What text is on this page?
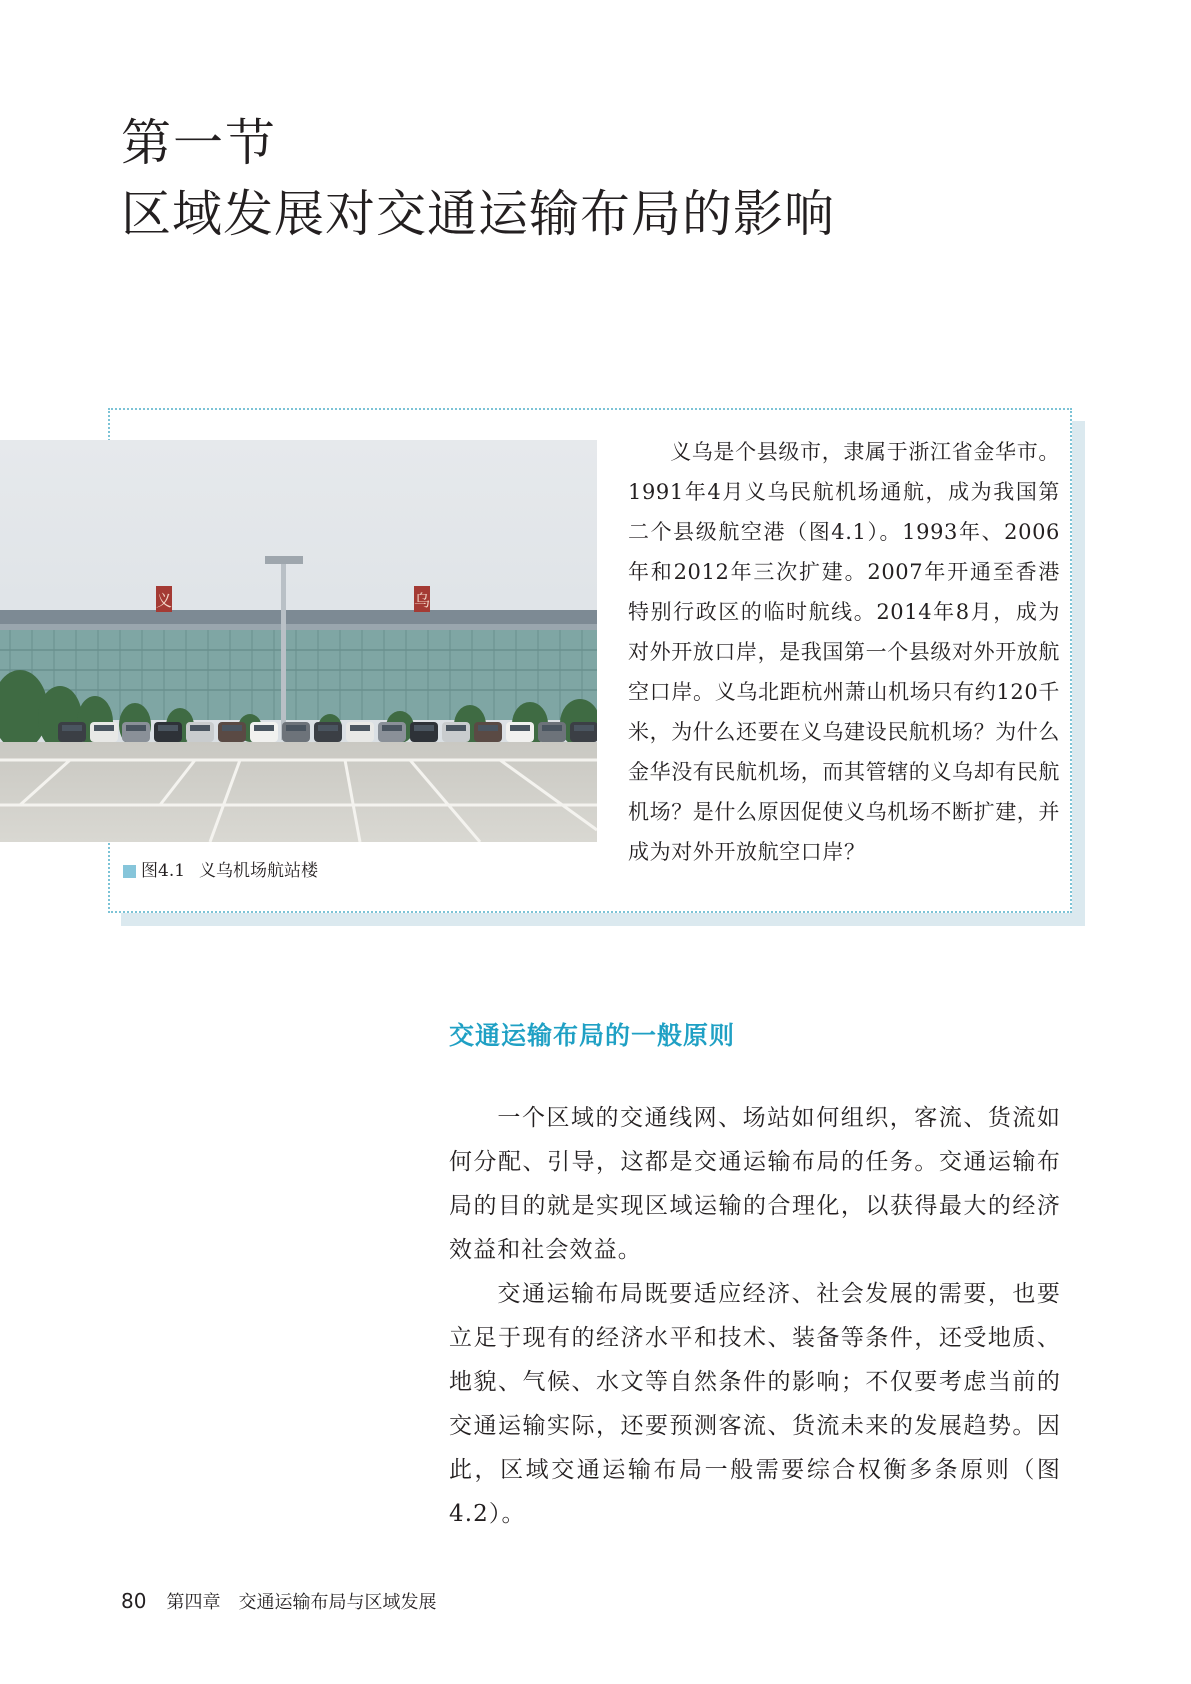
第一节
区域发展对交通运输布局的影响
义	乌
图4.1 义乌机场航站楼

义乌是个县级市，隶属于浙江省金华市。1991年4月义乌民航机场通航，成为我国第二个县级航空港（图4.1）。1993年、2006年和2012年三次扩建。2007年开通至香港特别行政区的临时航线。2014年8月，成为对外开放口岸，是我国第一个县级对外开放航空口岸。义乌北距杭州萧山机场只有约120千米，为什么还要在义乌建设民航机场？为什么金华没有民航机场，而其管辖的义乌却有民航机场？是什么原因促使义乌机场不断扩建，并成为对外开放航空口岸？

交通运输布局的一般原则

一个区域的交通线网、场站如何组织，客流、货流如何分配、引导，这都是交通运输布局的任务。交通运输布局的目的就是实现区域运输的合理化，以获得最大的经济效益和社会效益。

交通运输布局既要适应经济、社会发展的需要，也要立足于现有的经济水平和技术、装备等条件，还受地质、地貌、气候、水文等自然条件的影响；不仅要考虑当前的交通运输实际，还要预测客流、货流未来的发展趋势。因此，区域交通运输布局一般需要综合权衡多条原则（图4.2）。

80 第四章 交通运输布局与区域发展
